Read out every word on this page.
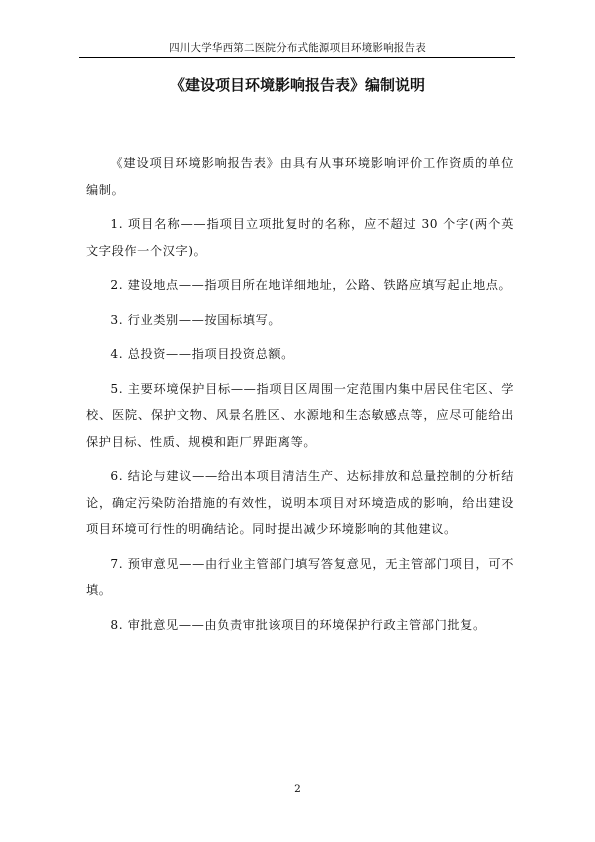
四川大学华西第二医院分布式能源项目环境影响报告表
《建设项目环境影响报告表》编制说明

《建设项目环境影响报告表》由具有从事环境影响评价工作资质的单位编制。

1. 项目名称——指项目立项批复时的名称，应不超过 30 个字(两个英文字段作一个汉字)。

2. 建设地点——指项目所在地详细地址，公路、铁路应填写起止地点。

3. 行业类别——按国标填写。

4. 总投资——指项目投资总额。

5. 主要环境保护目标——指项目区周围一定范围内集中居民住宅区、学校、医院、保护文物、风景名胜区、水源地和生态敏感点等，应尽可能给出保护目标、性质、规模和距厂界距离等。

6. 结论与建议——给出本项目清洁生产、达标排放和总量控制的分析结论，确定污染防治措施的有效性，说明本项目对环境造成的影响，给出建设项目环境可行性的明确结论。同时提出减少环境影响的其他建议。

7. 预审意见——由行业主管部门填写答复意见，无主管部门项目，可不填。

8. 审批意见——由负责审批该项目的环境保护行政主管部门批复。

2
